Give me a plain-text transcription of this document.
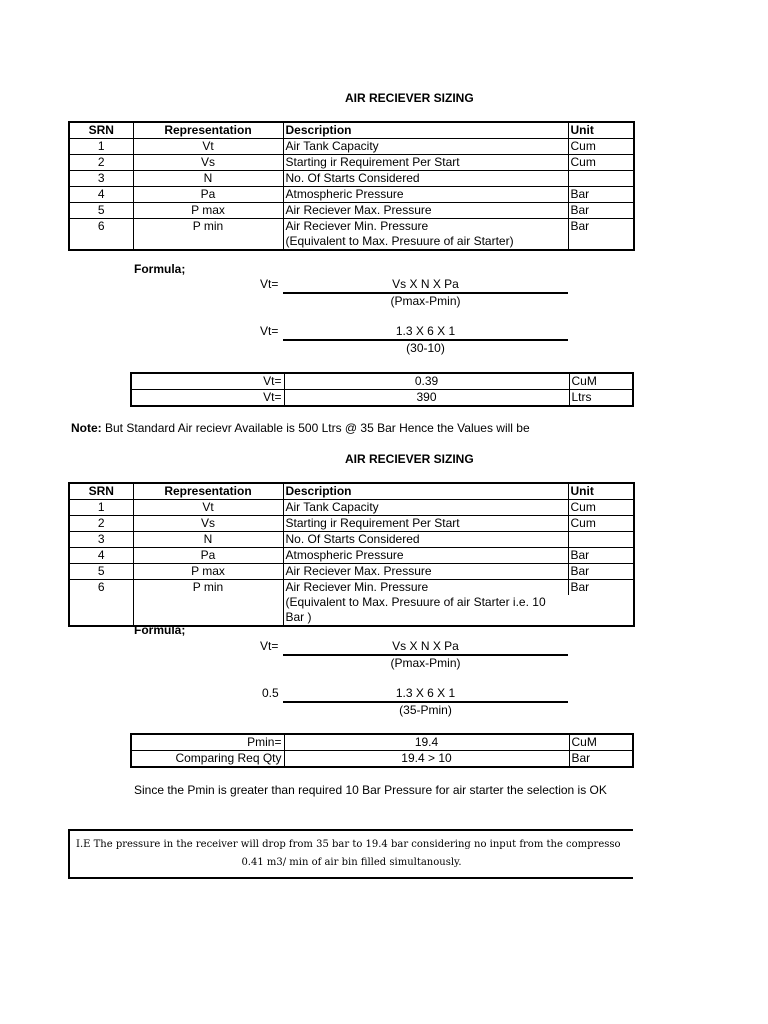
AIR RECIEVER SIZING
SRN	Representation	Description	Unit
1	Vt	Air Tank Capacity	Cum
2	Vs	Starting ir Requirement Per Start	Cum
3	N	No. Of Starts Considered	
4	Pa	Atmospheric Pressure	Bar
5	P max	Air Reciever Max. Pressure	Bar
6	P min	Air Reciever Min. Pressure	Bar
		(Equivalent to Max. Presuure of air Starter)	
Formula;
Vt=	Vs X N X Pa
(Pmax-Pmin)
Vt=	1.3 X 6 X 1
(30-10)
Vt=	0.39	CuM
Vt=	390	Ltrs
Note: But Standard Air recievr Available is 500 Ltrs @ 35 Bar Hence the Values will be
AIR RECIEVER SIZING
SRN	Representation	Description	Unit
1	Vt	Air Tank Capacity	Cum
2	Vs	Starting ir Requirement Per Start	Cum
3	N	No. Of Starts Considered	
4	Pa	Atmospheric Pressure	Bar
5	P max	Air Reciever Max. Pressure	Bar
6	P min	Air Reciever Min. Pressure	Bar
		(Equivalent to Max. Presuure of air Starter i.e. 10 Bar )	
Formula;
Vt=	Vs X N X Pa
(Pmax-Pmin)
0.5	1.3 X 6 X 1
(35-Pmin)
Pmin=	19.4	CuM
Comparing Req Qty	19.4 > 10	Bar
Since the Pmin is greater than required 10 Bar Pressure for air starter the selection is OK
I.E The pressure in the receiver will drop from 35 bar to 19.4 bar considering no input from the compresso
0.41 m3/ min of air bin filled simultanously.
